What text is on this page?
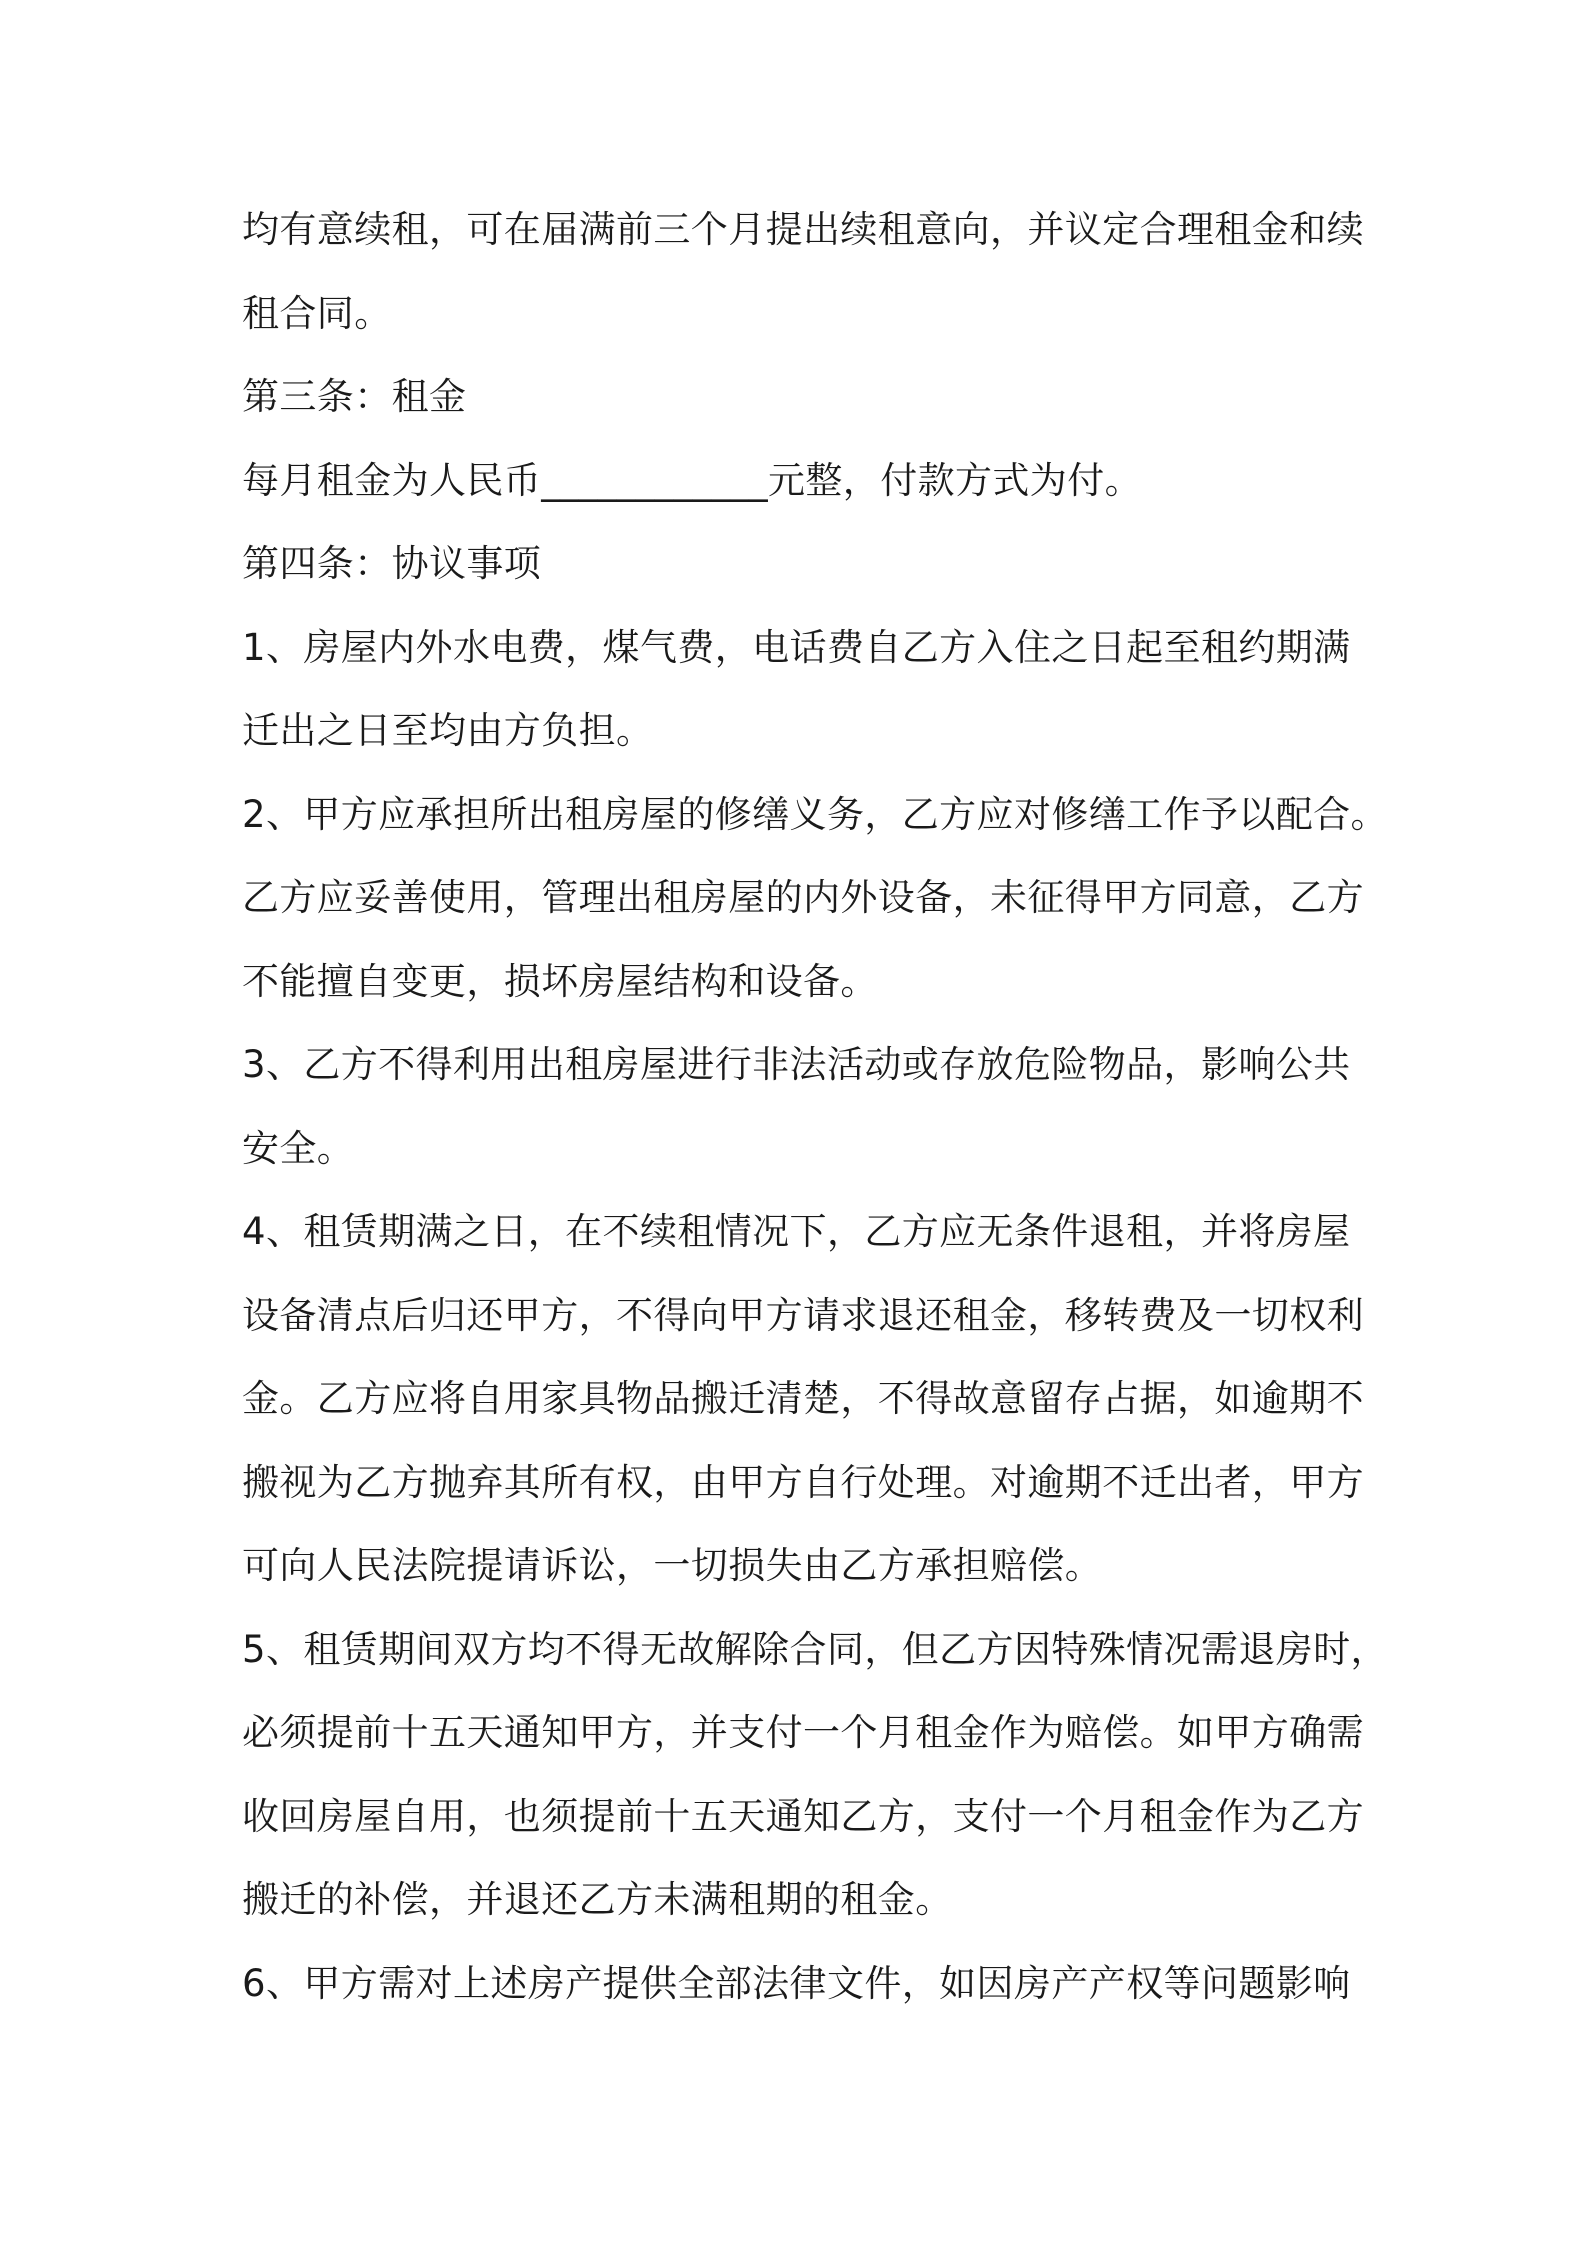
均有意续租，可在届满前三个月提出续租意向，并议定合理租金和续

租合同。

第三条：租金

每月租金为人民币____________元整，付款方式为付。

第四条：协议事项

1、房屋内外水电费，煤气费，电话费自乙方入住之日起至租约期满

迁出之日至均由方负担。

2、甲方应承担所出租房屋的修缮义务，乙方应对修缮工作予以配合。

乙方应妥善使用，管理出租房屋的内外设备，未征得甲方同意，乙方

不能擅自变更，损坏房屋结构和设备。

3、乙方不得利用出租房屋进行非法活动或存放危险物品，影响公共

安全。

4、租赁期满之日，在不续租情况下，乙方应无条件退租，并将房屋

设备清点后归还甲方，不得向甲方请求退还租金，移转费及一切权利

金。乙方应将自用家具物品搬迁清楚，不得故意留存占据，如逾期不

搬视为乙方抛弃其所有权，由甲方自行处理。对逾期不迁出者，甲方

可向人民法院提请诉讼，一切损失由乙方承担赔偿。

5、租赁期间双方均不得无故解除合同，但乙方因特殊情况需退房时，

必须提前十五天通知甲方，并支付一个月租金作为赔偿。如甲方确需

收回房屋自用，也须提前十五天通知乙方，支付一个月租金作为乙方

搬迁的补偿，并退还乙方未满租期的租金。

6、甲方需对上述房产提供全部法律文件，如因房产产权等问题影响
